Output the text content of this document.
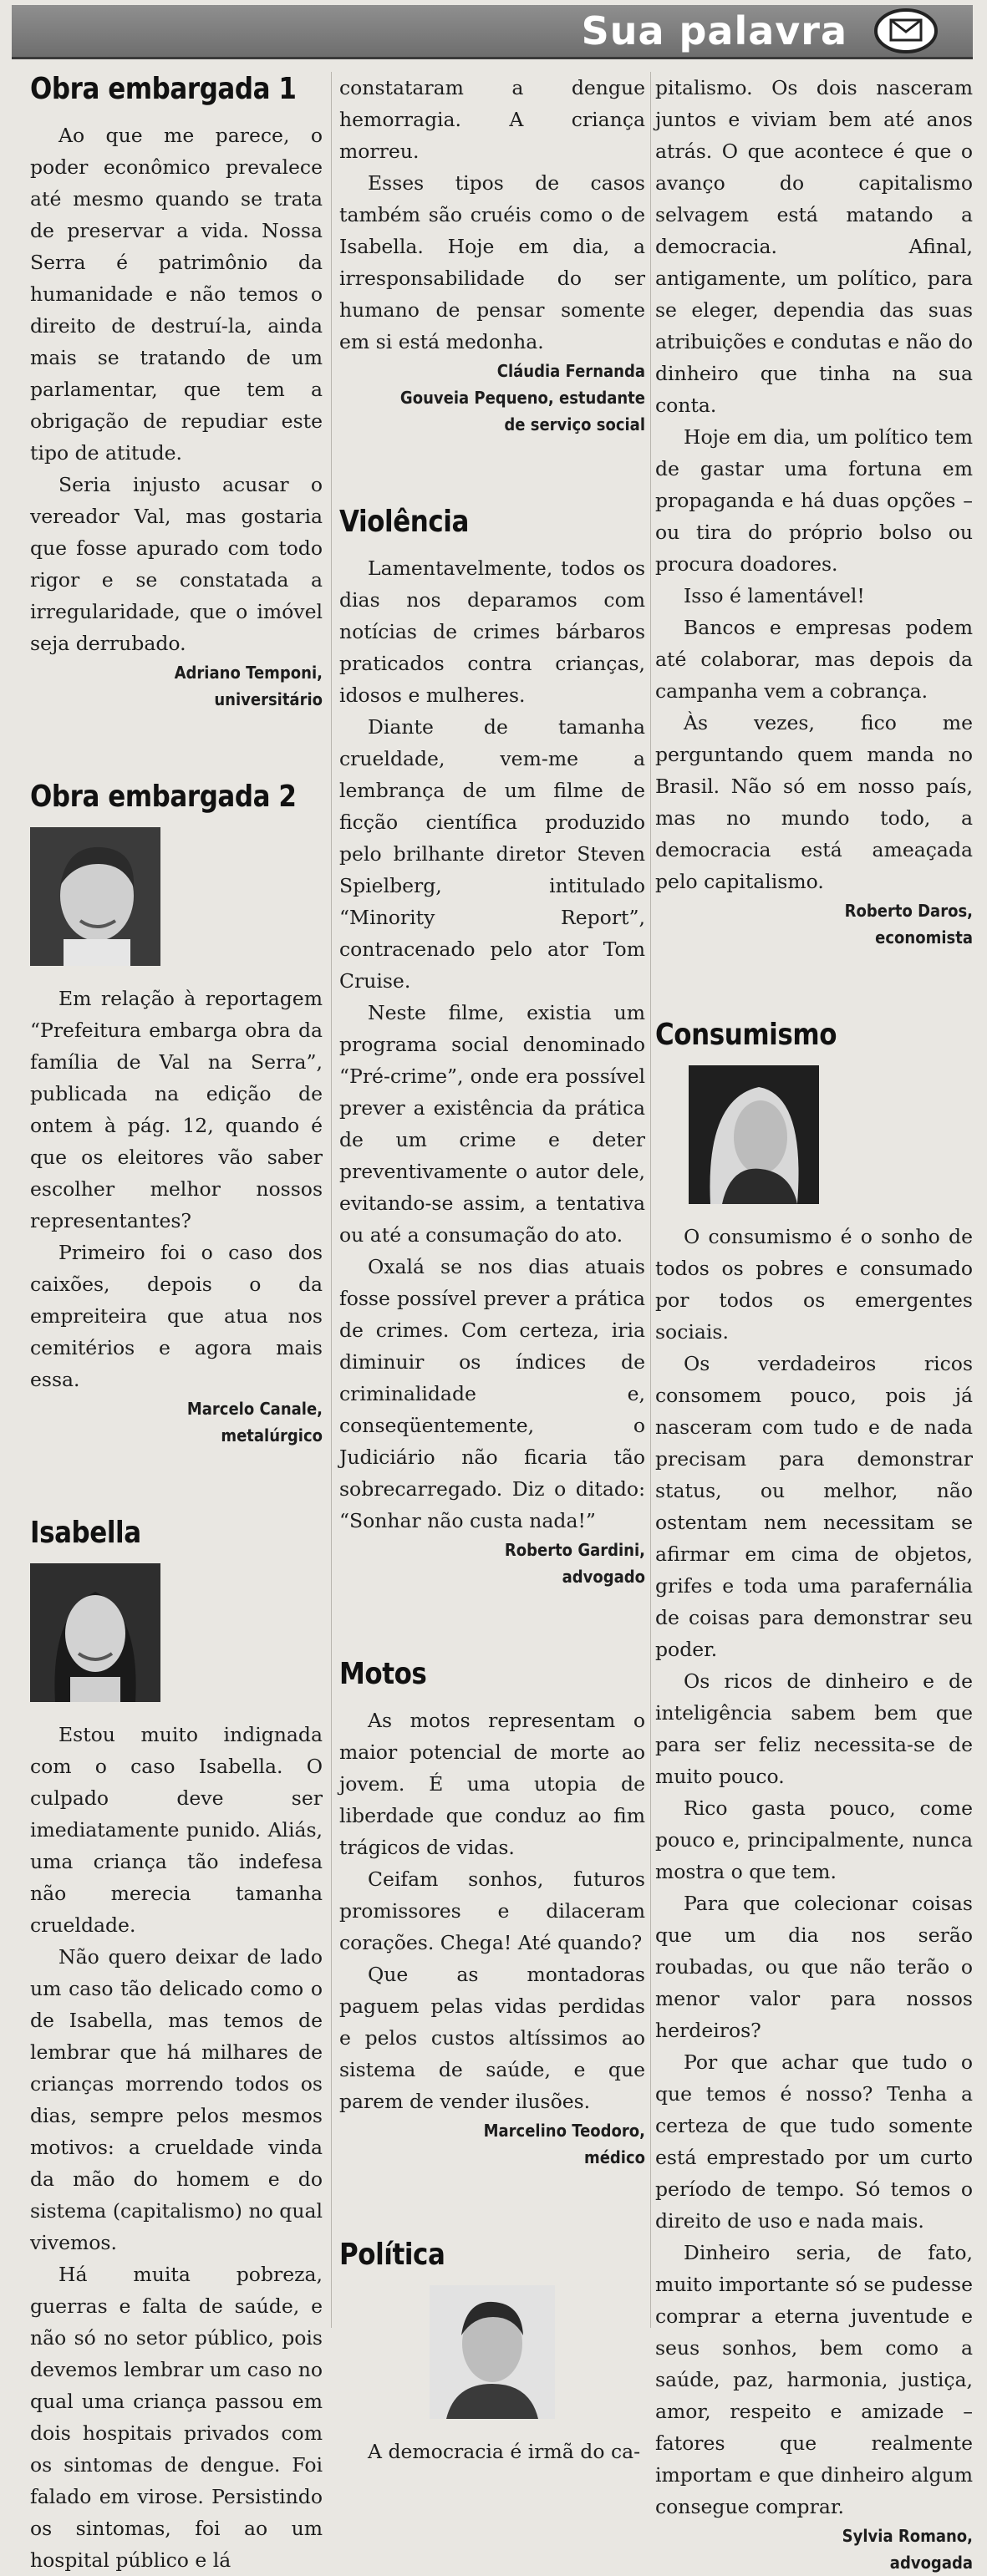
Sua palavra
Obra embargada 1

Ao que me parece, o poder econômico prevalece até mesmo quando se trata de preservar a vida. Nossa Serra é patrimônio da humanidade e não temos o direito de destruí-la, ainda mais se tratando de um parlamentar, que tem a obrigação de repudiar este tipo de atitude.

Seria injusto acusar o vereador Val, mas gostaria que fosse apurado com todo rigor e se constatada a irregularidade, que o imóvel seja derrubado.

Adriano Temponi,
universitário
Obra embargada 2

Em relação à reportagem “Prefeitura embarga obra da família de Val na Serra”, publicada na edição de ontem à pág. 12, quando é que os eleitores vão saber escolher melhor nossos representantes?

Primeiro foi o caso dos caixões, depois o da empreiteira que atua nos cemitérios e agora mais essa.

Marcelo Canale,
metalúrgico
Isabella

Estou muito indignada com o caso Isabella. O culpado deve ser imediatamente punido. Aliás, uma criança tão indefesa não merecia tamanha crueldade.

Não quero deixar de lado um caso tão delicado como o de Isabella, mas temos de lembrar que há milhares de crianças morrendo todos os dias, sempre pelos mesmos motivos: a crueldade vinda da mão do homem e do sistema (capitalismo) no qual vivemos.

Há muita pobreza, guerras e falta de saúde, e não só no setor público, pois devemos lembrar um caso no qual uma criança passou em dois hospitais privados com os sintomas de dengue. Foi falado em virose. Persistindo os sintomas, foi ao um hospital público e lá

constataram a dengue hemorragia. A criança morreu.

Esses tipos de casos também são cruéis como o de Isabella. Hoje em dia, a irresponsabilidade do ser humano de pensar somente em si está medonha.

Cláudia Fernanda
Gouveia Pequeno, estudante
de serviço social
Violência

Lamentavelmente, todos os dias nos deparamos com notícias de crimes bárbaros praticados contra crianças, idosos e mulheres.

Diante de tamanha crueldade, vem-me a lembrança de um filme de ficção científica produzido pelo brilhante diretor Steven Spielberg, intitulado “Minority Report”, contracenado pelo ator Tom Cruise.

Neste filme, existia um programa social denominado “Pré-crime”, onde era possível prever a existência da prática de um crime e deter preventivamente o autor dele, evitando-se assim, a tentativa ou até a consumação do ato.

Oxalá se nos dias atuais fosse possível prever a prática de crimes. Com certeza, iria diminuir os índices de criminalidade e, conseqüentemente, o Judiciário não ficaria tão sobrecarregado. Diz o ditado: “Sonhar não custa nada!”

Roberto Gardini,
advogado
Motos

As motos representam o maior potencial de morte ao jovem. É uma utopia de liberdade que conduz ao fim trágicos de vidas.

Ceifam sonhos, futuros promissores e dilaceram corações. Chega! Até quando?

Que as montadoras paguem pelas vidas perdidas e pelos custos altíssimos ao sistema de saúde, e que parem de vender ilusões.

Marcelino Teodoro,
médico
Política

A democracia é irmã do ca-

pitalismo. Os dois nasceram juntos e viviam bem até anos atrás. O que acontece é que o avanço do capitalismo selvagem está matando a democracia. Afinal, antigamente, um político, para se eleger, dependia das suas atribuições e condutas e não do dinheiro que tinha na sua conta.

Hoje em dia, um político tem de gastar uma fortuna em propaganda e há duas opções – ou tira do próprio bolso ou procura doadores.

Isso é lamentável!

Bancos e empresas podem até colaborar, mas depois da campanha vem a cobrança.

Às vezes, fico me perguntando quem manda no Brasil. Não só em nosso país, mas no mundo todo, a democracia está ameaçada pelo capitalismo.

Roberto Daros,
economista
Consumismo

O consumismo é o sonho de todos os pobres e consumado por todos os emergentes sociais.

Os verdadeiros ricos consomem pouco, pois já nasceram com tudo e de nada precisam para demonstrar status, ou melhor, não ostentam nem necessitam se afirmar em cima de objetos, grifes e toda uma parafernália de coisas para demonstrar seu poder.

Os ricos de dinheiro e de inteligência sabem bem que para ser feliz necessita-se de muito pouco.

Rico gasta pouco, come pouco e, principalmente, nunca mostra o que tem.

Para que colecionar coisas que um dia nos serão roubadas, ou que não terão o menor valor para nossos herdeiros?

Por que achar que tudo o que temos é nosso? Tenha a certeza de que tudo somente está emprestado por um curto período de tempo. Só temos o direito de uso e nada mais.

Dinheiro seria, de fato, muito importante só se pudesse comprar a eterna juventude e seus sonhos, bem como a saúde, paz, harmonia, justiça, amor, respeito e amizade – fatores que realmente importam e que dinheiro algum consegue comprar.

Sylvia Romano,
advogada
